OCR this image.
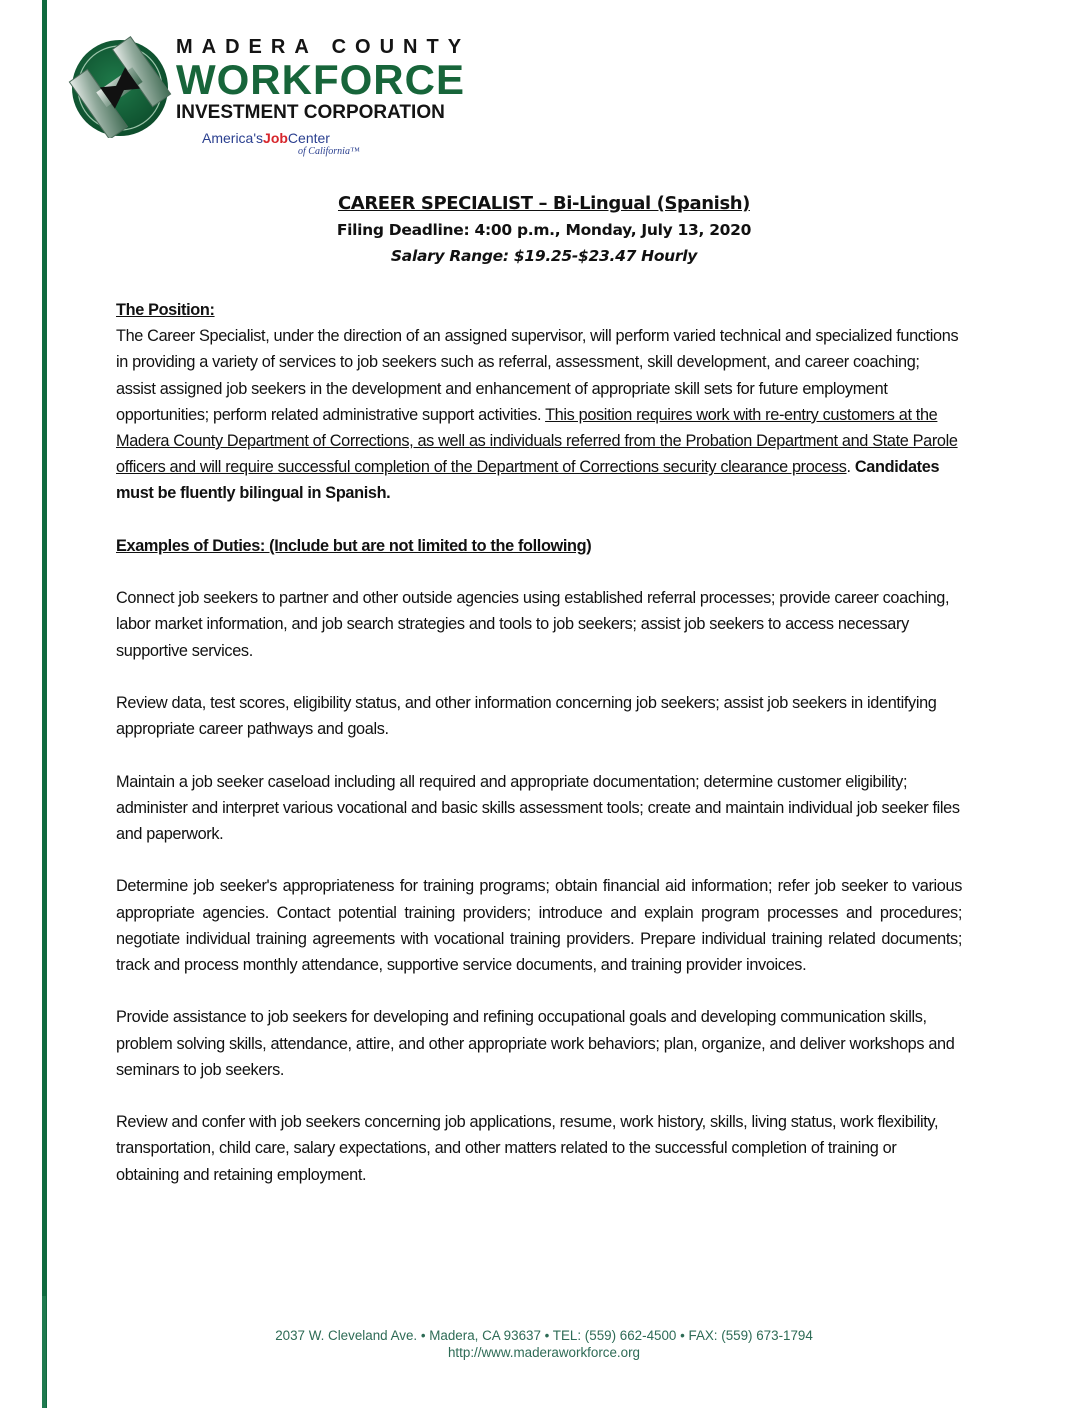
MADERA COUNTY
WORKFORCE
INVESTMENT CORPORATION
America'sJobCenter
of California™
CAREER SPECIALIST – Bi-Lingual (Spanish)
Filing Deadline: 4:00 p.m., Monday, July 13, 2020
Salary Range: $19.25-$23.47 Hourly

The Position:

The Career Specialist, under the direction of an assigned supervisor, will perform varied technical and specialized functions in providing a variety of services to job seekers such as referral, assessment, skill development, and career coaching; assist assigned job seekers in the development and enhancement of appropriate skill sets for future employment opportunities; perform related administrative support activities. This position requires work with re-entry customers at the Madera County Department of Corrections, as well as individuals referred from the Probation Department and State Parole officers and will require successful completion of the Department of Corrections security clearance process. Candidates must be fluently bilingual in Spanish.

Examples of Duties: (Include but are not limited to the following)

Connect job seekers to partner and other outside agencies using established referral processes; provide career coaching, labor market information, and job search strategies and tools to job seekers; assist job seekers to access necessary supportive services.

Review data, test scores, eligibility status, and other information concerning job seekers; assist job seekers in identifying appropriate career pathways and goals.

Maintain a job seeker caseload including all required and appropriate documentation; determine customer eligibility; administer and interpret various vocational and basic skills assessment tools; create and maintain individual job seeker files and paperwork.

Determine job seeker's appropriateness for training programs; obtain financial aid information; refer job seeker to various appropriate agencies. Contact potential training providers; introduce and explain program processes and procedures; negotiate individual training agreements with vocational training providers. Prepare individual training related documents; track and process monthly attendance, supportive service documents, and training provider invoices.

Provide assistance to job seekers for developing and refining occupational goals and developing communication skills, problem solving skills, attendance, attire, and other appropriate work behaviors; plan, organize, and deliver workshops and seminars to job seekers.

Review and confer with job seekers concerning job applications, resume, work history, skills, living status, work flexibility, transportation, child care, salary expectations, and other matters related to the successful completion of training or obtaining and retaining employment.

2037 W. Cleveland Ave. • Madera, CA 93637 • TEL: (559) 662-4500 • FAX: (559) 673-1794
http://www.maderaworkforce.org
